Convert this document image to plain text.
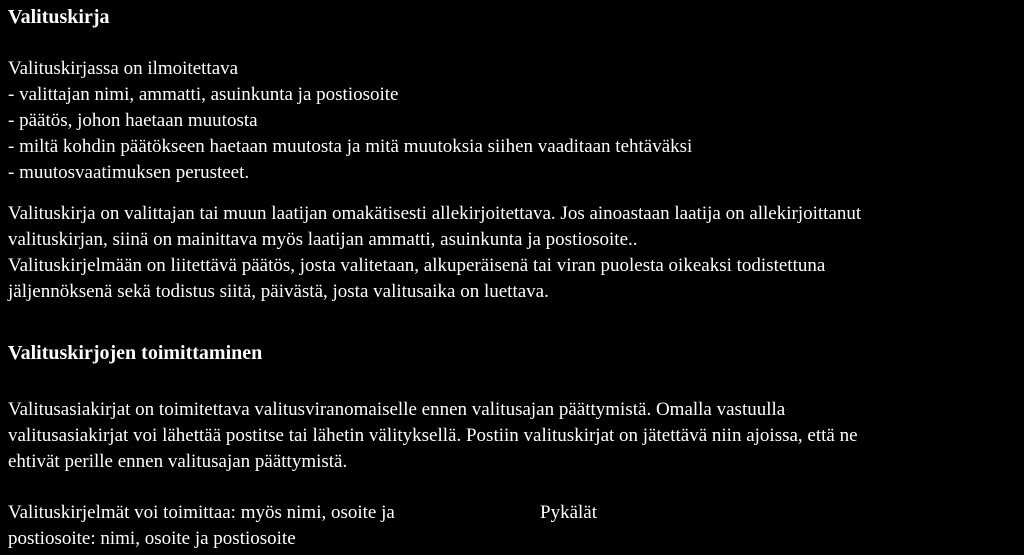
Valituskirja
Valituskirjassa on ilmoitettava
- valittajan nimi, ammatti, asuinkunta ja postiosoite
- päätös, johon haetaan muutosta
- miltä kohdin päätökseen haetaan muutosta ja mitä muutoksia siihen vaaditaan tehtäväksi
- muutosvaatimuksen perusteet.
Valituskirja on valittajan tai muun laatijan omakätisesti allekirjoitettava. Jos ainoastaan laatija on allekirjoittanut
valituskirjan, siinä on mainittava myös laatijan ammatti, asuinkunta ja postiosoite..
Valituskirjelmään on liitettävä päätös, josta valitetaan, alkuperäisenä tai viran puolesta oikeaksi todistettuna
jäljennöksenä sekä todistus siitä, päivästä, josta valitusaika on luettava.
Valituskirjojen toimittaminen
Valitusasiakirjat on toimitettava valitusviranomaiselle ennen valitusajan päättymistä. Omalla vastuulla
valitusasiakirjat voi lähettää postitse tai lähetin välityksellä. Postiin valituskirjat on jätettävä niin ajoissa, että ne
ehtivät perille ennen valitusajan päättymistä.
Valituskirjelmät voi toimittaa: myös nimi, osoite ja
postiosoite: nimi, osoite ja postiosoite
Pykälät
